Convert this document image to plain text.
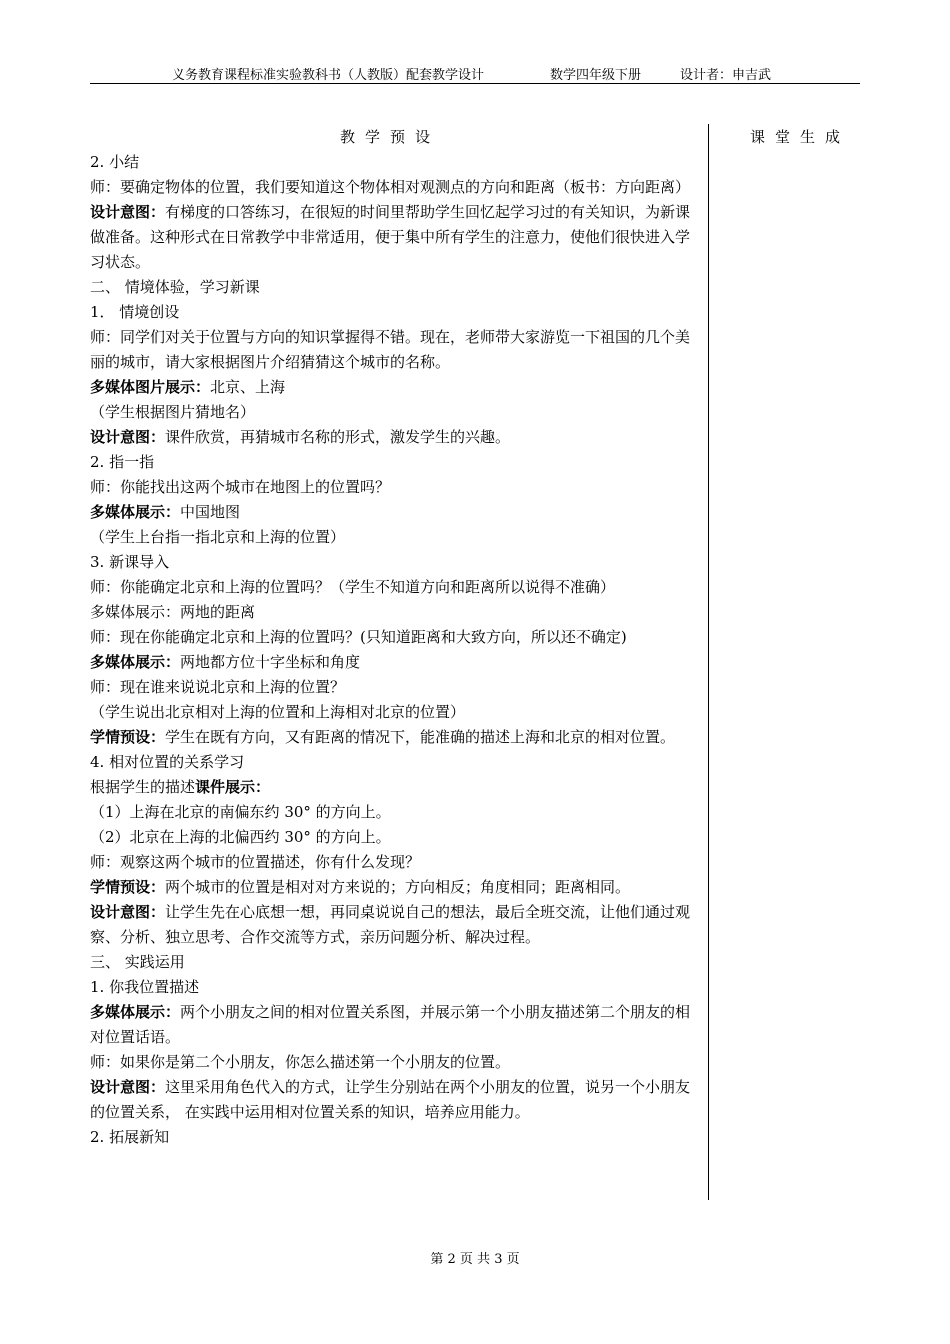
义务教育课程标准实验教科书（人教版）配套教学设计	数学四年级下册	设计者：申吉武
教学预设	课堂生成

2. 小结

师：要确定物体的位置，我们要知道这个物体相对观测点的方向和距离（板书：方向距离）

设计意图：有梯度的口答练习，在很短的时间里帮助学生回忆起学习过的有关知识，为新课做准备。这种形式在日常教学中非常适用，便于集中所有学生的注意力，使他们很快进入学习状态。

二、 情境体验，学习新课

1． 情境创设

师：同学们对关于位置与方向的知识掌握得不错。现在，老师带大家游览一下祖国的几个美丽的城市，请大家根据图片介绍猜猜这个城市的名称。

多媒体图片展示：北京、上海

（学生根据图片猜地名）

设计意图：课件欣赏，再猜城市名称的形式，激发学生的兴趣。

2. 指一指

师：你能找出这两个城市在地图上的位置吗？

多媒体展示：中国地图

（学生上台指一指北京和上海的位置）

3. 新课导入

师：你能确定北京和上海的位置吗？（学生不知道方向和距离所以说得不准确）

多媒体展示：两地的距离

师：现在你能确定北京和上海的位置吗？(只知道距离和大致方向，所以还不确定)

多媒体展示：两地都方位十字坐标和角度

师：现在谁来说说北京和上海的位置？

（学生说出北京相对上海的位置和上海相对北京的位置）

学情预设：学生在既有方向，又有距离的情况下，能准确的描述上海和北京的相对位置。

4. 相对位置的关系学习

根据学生的描述课件展示：

（1）上海在北京的南偏东约 30° 的方向上。

（2）北京在上海的北偏西约 30° 的方向上。

师：观察这两个城市的位置描述，你有什么发现？

学情预设：两个城市的位置是相对对方来说的；方向相反；角度相同；距离相同。

设计意图：让学生先在心底想一想，再同桌说说自己的想法，最后全班交流，让他们通过观察、分析、独立思考、合作交流等方式，亲历问题分析、解决过程。

三、 实践运用

1. 你我位置描述

多媒体展示：两个小朋友之间的相对位置关系图，并展示第一个小朋友描述第二个朋友的相对位置话语。

师：如果你是第二个小朋友，你怎么描述第一个小朋友的位置。

设计意图：这里采用角色代入的方式，让学生分别站在两个小朋友的位置，说另一个小朋友的位置关系， 在实践中运用相对位置关系的知识，培养应用能力。

2. 拓展新知

第 2 页 共 3 页
